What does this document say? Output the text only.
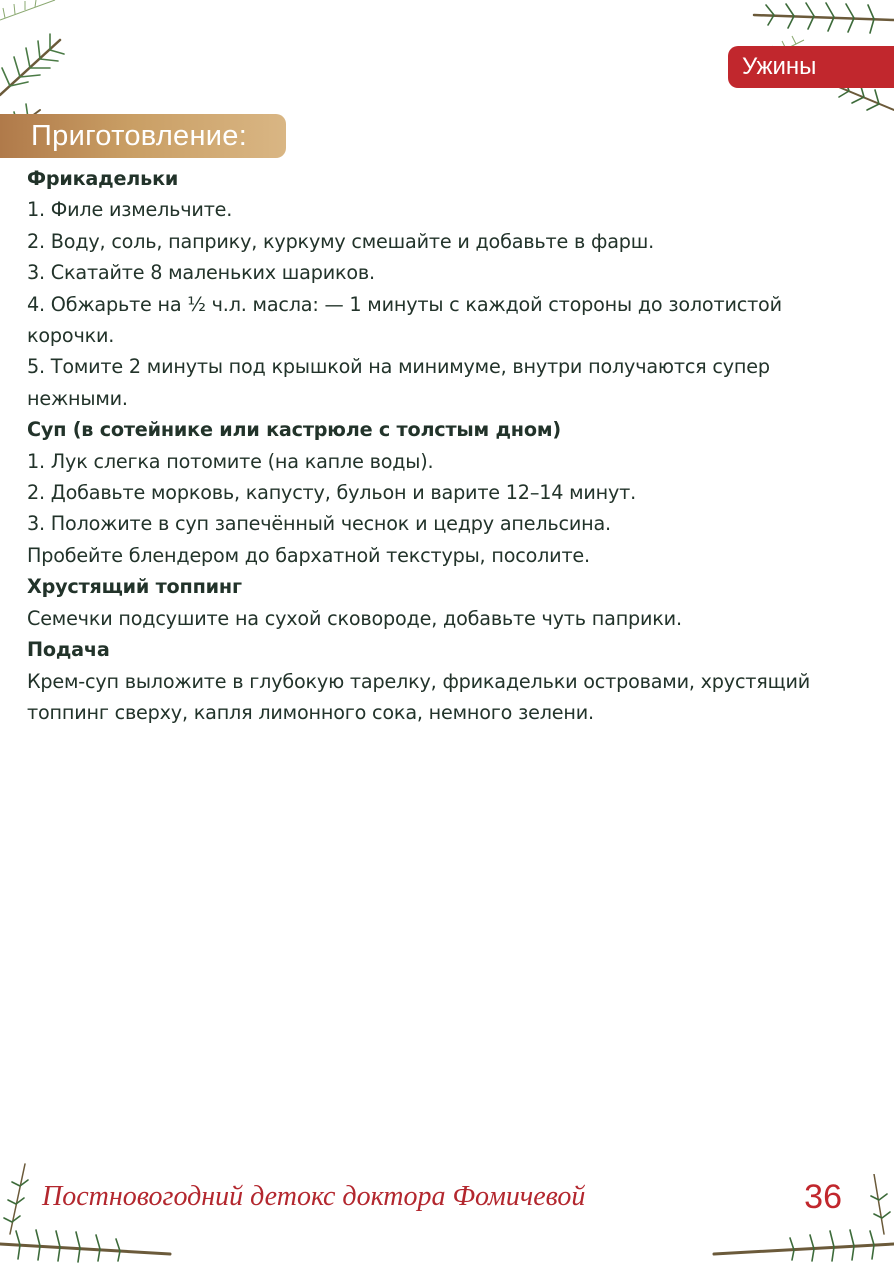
Ужины
Приготовление:

Фрикадельки

1. Филе измельчите.

2. Воду, соль, паприку, куркуму смешайте и добавьте в фарш.

3. Скатайте 8 маленьких шариков.

4. Обжарьте на ½ ч.л. масла: — 1 минуты с каждой стороны до золотистой корочки.

5. Томите 2 минуты под крышкой на минимуме, внутри получаются супер нежными.

Суп (в сотейнике или кастрюле с толстым дном)

1. Лук слегка потомите (на капле воды).

2. Добавьте морковь, капусту, бульон и варите 12–14 минут.

3. Положите в суп запечённый чеснок и цедру апельсина.

Пробейте блендером до бархатной текстуры, посолите.

Хрустящий топпинг

Семечки подсушите на сухой сковороде, добавьте чуть паприки.

Подача

Крем-суп выложите в глубокую тарелку, фрикадельки островами, хрустящий топпинг сверху, капля лимонного сока, немного зелени.

Постновогодний детокс доктора Фомичевой	36
